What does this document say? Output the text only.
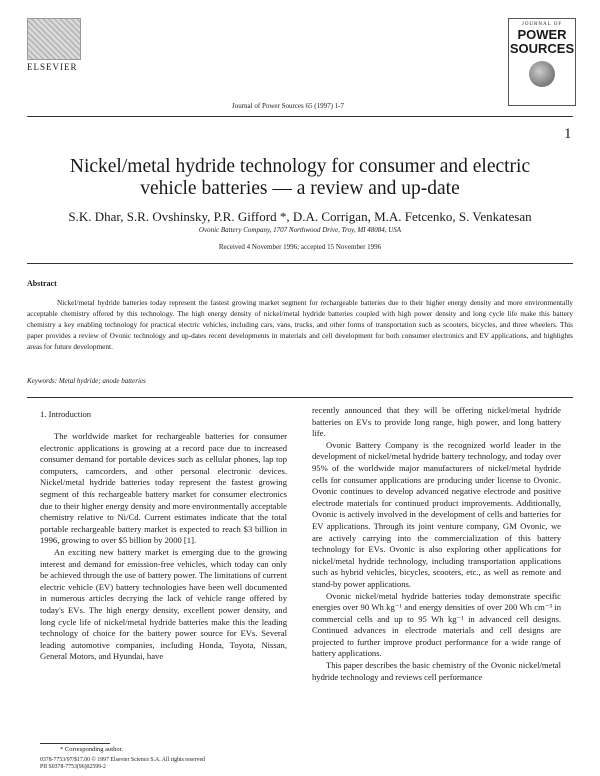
ELSEVIER
Journal of Power Sources 65 (1997) 1-7
JOURNAL OF
POWER
SOURCES
1
Nickel/metal hydride technology for consumer and electric vehicle batteries — a review and up-date
S.K. Dhar, S.R. Ovshinsky, P.R. Gifford *, D.A. Corrigan, M.A. Fetcenko, S. Venkatesan
Ovonic Battery Company, 1707 Northwood Drive, Troy, MI 48084, USA
Received 4 November 1996; accepted 15 November 1996
Abstract
Nickel/metal hydride batteries today represent the fastest growing market segment for rechargeable batteries due to their higher energy density and more environmentally acceptable chemistry offered by this technology. The high energy density of nickel/metal hydride batteries coupled with high power density and long cycle life make this battery chemistry a key enabling technology for practical electric vehicles, including cars, vans, trucks, and other forms of transportation such as scooters, bicycles, and three wheelers. This paper provides a review of Ovonic technology and up-dates recent developments in materials and cell development for both consumer electronics and EV applications, and highlights areas for future development.
Keywords: Metal hydride; anode batteries
1. Introduction

The worldwide market for rechargeable batteries for consumer electronic applications is growing at a record pace due to increased consumer demand for portable devices such as cellular phones, lap top computers, camcorders, and other personal electronic devices. Nickel/metal hydride batteries today represent the fastest growing segment of this rechargeable battery market for consumer electronics due to their higher energy density and more environmentally acceptable chemistry relative to Ni/Cd. Current estimates indicate that the total portable rechargeable battery market is expected to reach $3 billion in 1996, growing to over $5 billion by 2000 [1].

An exciting new battery market is emerging due to the growing interest and demand for emission-free vehicles, which today can only be achieved through the use of battery power. The limitations of current electric vehicle (EV) battery technologies have been well documented in numerous articles decrying the lack of vehicle range offered by today's EVs. The high energy density, excellent power density, and long cycle life of nickel/metal hydride batteries make this the leading technology of choice for the battery power source for EVs. Several leading automotive companies, including Honda, Toyota, Nissan, General Motors, and Hyundai, have

recently announced that they will be offering nickel/metal hydride batteries on EVs to provide long range, high power, and long battery life.

Ovonic Battery Company is the recognized world leader in the development of nickel/metal hydride battery technology, and today over 95% of the worldwide major manufacturers of nickel/metal hydride cells for consumer applications are producing under license to Ovonic. Ovonic continues to develop advanced negative electrode and positive electrode materials for continued product improvements. Additionally, Ovonic is actively involved in the development of cells and batteries for EV applications. Through its joint venture company, GM Ovonic, we are actively carrying into the commercialization of this battery technology for EVs. Ovonic is also exploring other applications for nickel/metal hydride technology, including transportation applications such as hybrid vehicles, bicycles, scooters, etc., as well as remote and stand-by power applications.

Ovonic nickel/metal hydride batteries today demonstrate specific energies over 90 Wh kg⁻¹ and energy densities of over 200 Wh cm⁻³ in commercial cells and up to 95 Wh kg⁻¹ in advanced cell designs. Continued advances in electrode materials and cell designs are projected to further improve product performance for a wide range of battery applications.

This paper describes the basic chemistry of the Ovonic nickel/metal hydride technology and reviews cell performance

* Corresponding author.
0378-7753/97/$17.00 © 1997 Elsevier Science S.A. All rights reserved
PII S0378-7753(96)02599-2
